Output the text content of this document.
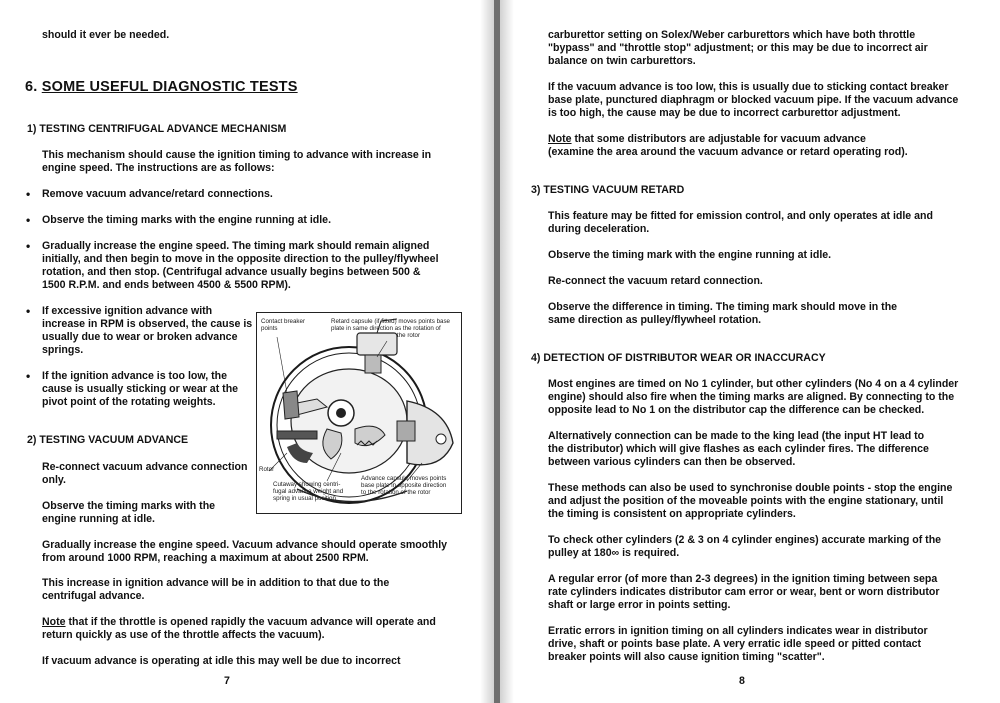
should it ever be needed.

6. SOME USEFUL DIAGNOSTIC TESTS
1) TESTING CENTRIFUGAL ADVANCE MECHANISM
This mechanism should cause the ignition timing to advance with increase in
engine speed. The instructions are as follows:
• Remove vacuum advance/retard connections.
• Observe the timing marks with the engine running at idle.
• Gradually increase the engine speed. The timing mark should remain aligned
initially, and then begin to move in the opposite direction to the pulley/flywheel
rotation, and then stop. (Centrifugal advance usually begins between 500 &
1500 R.P.M. and ends between 4500 & 5500 RPM).
• If excessive ignition advance with
increase in RPM is observed, the cause is
usually due to wear or broken advance
springs.
• If the ignition advance is too low, the
cause is usually sticking or wear at the
pivot point of the rotating weights.
2) TESTING VACUUM ADVANCE
Re-connect vacuum advance connection
only.
Observe the timing marks with the
engine running at idle.
Gradually increase the engine speed. Vacuum advance should operate smoothly
from around 1000 RPM, reaching a maximum at about 2500 RPM.
This increase in ignition advance will be in addition to that due to the
centrifugal advance.
Note that if the throttle is opened rapidly the vacuum advance will operate and
return quickly as use of the throttle affects the vacuum).

If vacuum advance is operating at idle this may well be due to incorrect

7
Contact breaker
points
Retard capsule (if fitted) moves points base
plate in same direction as the rotation of
the rotor
Rotor
Cutaway showing centri-
fugal advance weight and
spring in usual position
Advance capsule moves points
base plate in opposite direction
to the rotation of the rotor
carburettor setting on Solex/Weber carburettors which have both throttle
"bypass" and "throttle stop" adjustment; or this may be due to incorrect air
balance on twin carburettors.
If the vacuum advance is too low, this is usually due to sticking contact breaker
base plate, punctured diaphragm or blocked vacuum pipe. If the vacuum advance
is too high, the cause may be due to incorrect carburettor adjustment.
Note that some distributors are adjustable for vacuum advance
(examine the area around the vacuum advance or retard operating rod).
3) TESTING VACUUM RETARD
This feature may be fitted for emission control, and only operates at idle and
during deceleration.

Observe the timing mark with the engine running at idle.

Re-connect the vacuum retard connection.

Observe the difference in timing. The timing mark should move in the
same direction as pulley/flywheel rotation.
4) DETECTION OF DISTRIBUTOR WEAR OR INACCURACY
Most engines are timed on No 1 cylinder, but other cylinders (No 4 on a 4 cylinder
engine) should also fire when the timing marks are aligned. By connecting to the
opposite lead to No 1 on the distributor cap the difference can be checked.
Alternatively connection can be made to the king lead (the input HT lead to
the distributor) which will give flashes as each cylinder fires. The difference
between various cylinders can then be observed.
These methods can also be used to synchronise double points - stop the engine
and adjust the position of the moveable points with the engine stationary, until
the timing is consistent on appropriate cylinders.
To check other cylinders (2 & 3 on 4 cylinder engines) accurate marking of the
pulley at 180∞ is required.
A regular error (of more than 2-3 degrees) in the ignition timing between sepa
rate cylinders indicates distributor cam error or wear, bent or worn distributor
shaft or large error in points setting.
Erratic errors in ignition timing on all cylinders indicates wear in distributor
drive, shaft or points base plate. A very erratic idle speed or pitted contact
breaker points will also cause ignition timing "scatter".
8
